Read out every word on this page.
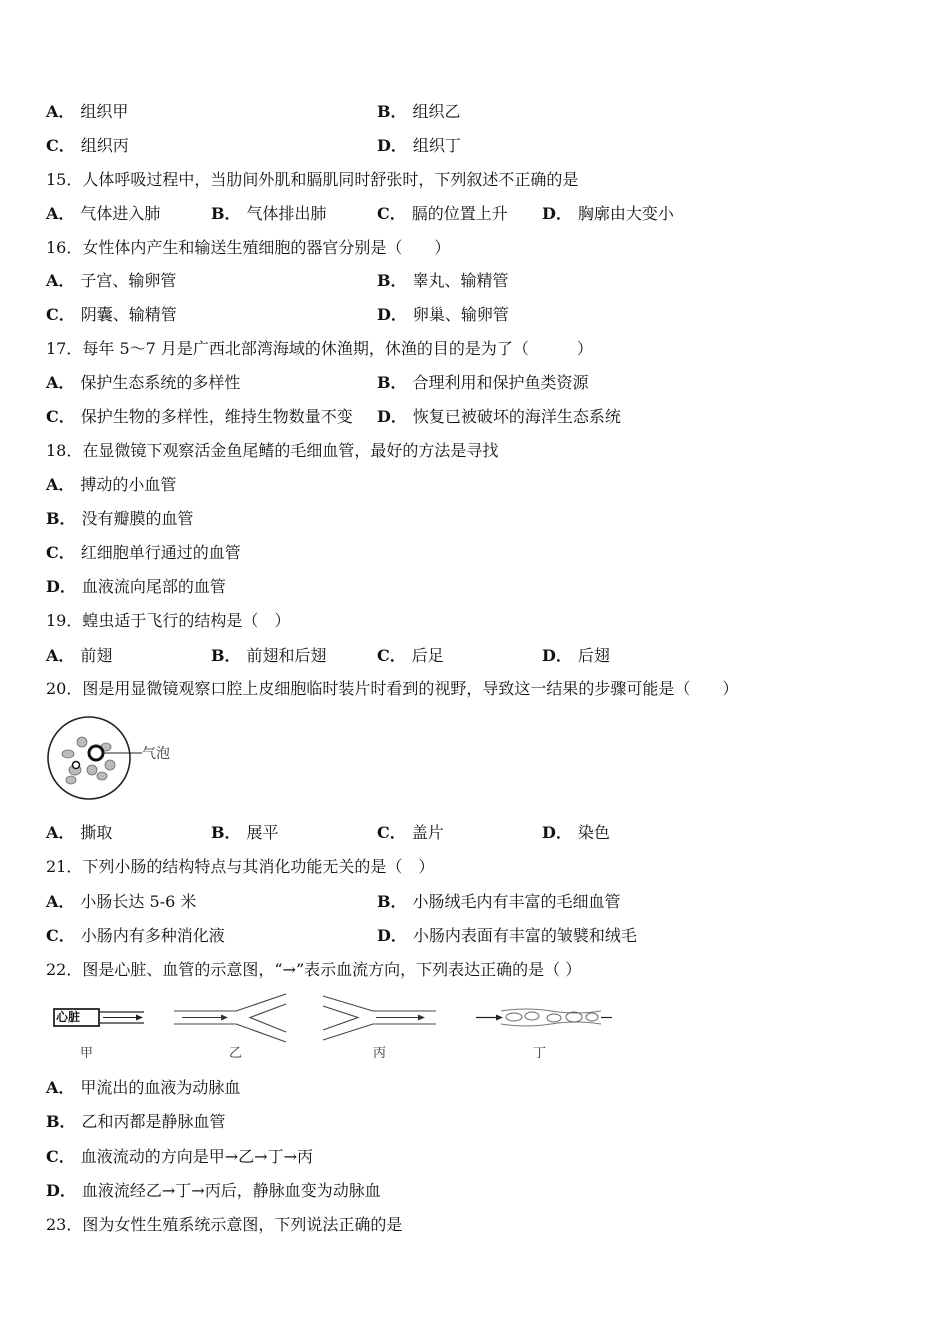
A． 组织甲	B． 组织乙
C． 组织丙	D． 组织丁
15．人体呼吸过程中，当肋间外肌和膈肌同时舒张时，下列叙述不正确的是
A． 气体进入肺	B． 气体排出肺	C． 膈的位置上升 D． 胸廓由大变小
16．女性体内产生和输送生殖细胞的器官分别是（　　）
A． 子宫、输卵管	B． 睾丸、输精管
C． 阴囊、输精管	D． 卵巢、输卵管
17．每年 5～7 月是广西北部湾海域的休渔期，休渔的目的是为了（　　　）
A． 保护生态系统的多样性	B． 合理利用和保护鱼类资源
C． 保护生物的多样性，维持生物数量不变 D． 恢复已被破坏的海洋生态系统
18．在显微镜下观察活金鱼尾鳍的毛细血管，最好的方法是寻找
A． 搏动的小血管
B． 没有瓣膜的血管
C． 红细胞单行通过的血管
D． 血液流向尾部的血管
19．蝗虫适于飞行的结构是（　）
A． 前翅	B． 前翅和后翅	C． 后足	D． 后翅
20．图是用显微镜观察口腔上皮细胞临时装片时看到的视野，导致这一结果的步骤可能是（　　）
气泡
A． 撕取	B． 展平	C． 盖片	D． 染色
21．下列小肠的结构特点与其消化功能无关的是（　）
A． 小肠长达 5-6 米	B． 小肠绒毛内有丰富的毛细血管
C． 小肠内有多种消化液	D． 小肠内表面有丰富的皱襞和绒毛
22．图是心脏、血管的示意图，“→”表示血流方向，下列表达正确的是（ ）
心脏
甲	乙	丙	丁
A． 甲流出的血液为动脉血
B． 乙和丙都是静脉血管
C． 血液流动的方向是甲→乙→丁→丙
D． 血液流经乙→丁→丙后，静脉血变为动脉血
23．图为女性生殖系统示意图，下列说法正确的是
